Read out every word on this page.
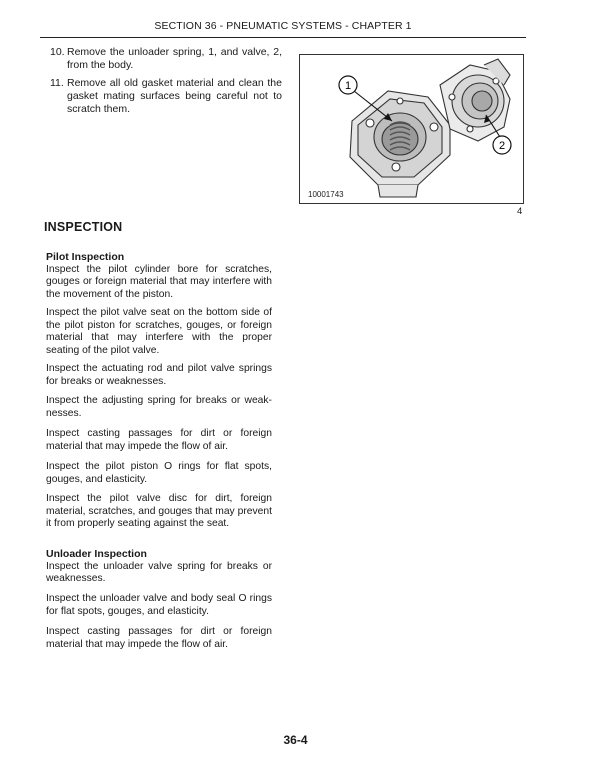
SECTION 36 - PNEUMATIC SYSTEMS - CHAPTER 1
10. Remove the unloader spring, 1, and valve, 2, from the body.
11. Remove all old gasket material and clean the gasket mating surfaces being careful not to scratch them.
1
2
10001743
4
INSPECTION
Pilot Inspection

Inspect the pilot cylinder bore for scratches, gouges or foreign material that may interfere with the movement of the piston.

Inspect the pilot valve seat on the bottom side of the pilot piston for scratches, gouges, or foreign material that may interfere with the proper seating of the pilot valve.

Inspect the actuating rod and pilot valve springs for breaks or weaknesses.

Inspect the adjusting spring for breaks or weak-nesses.

Inspect casting passages for dirt or foreign material that may impede the flow of air.

Inspect the pilot piston O rings for flat spots, gouges, and elasticity.

Inspect the pilot valve disc for dirt, foreign material, scratches, and gouges that may prevent it from properly seating against the seat.

Unloader Inspection

Inspect the unloader valve spring for breaks or weaknesses.

Inspect the unloader valve and body seal O rings for flat spots, gouges, and elasticity.

Inspect casting passages for dirt or foreign material that may impede the flow of air.

36-4
